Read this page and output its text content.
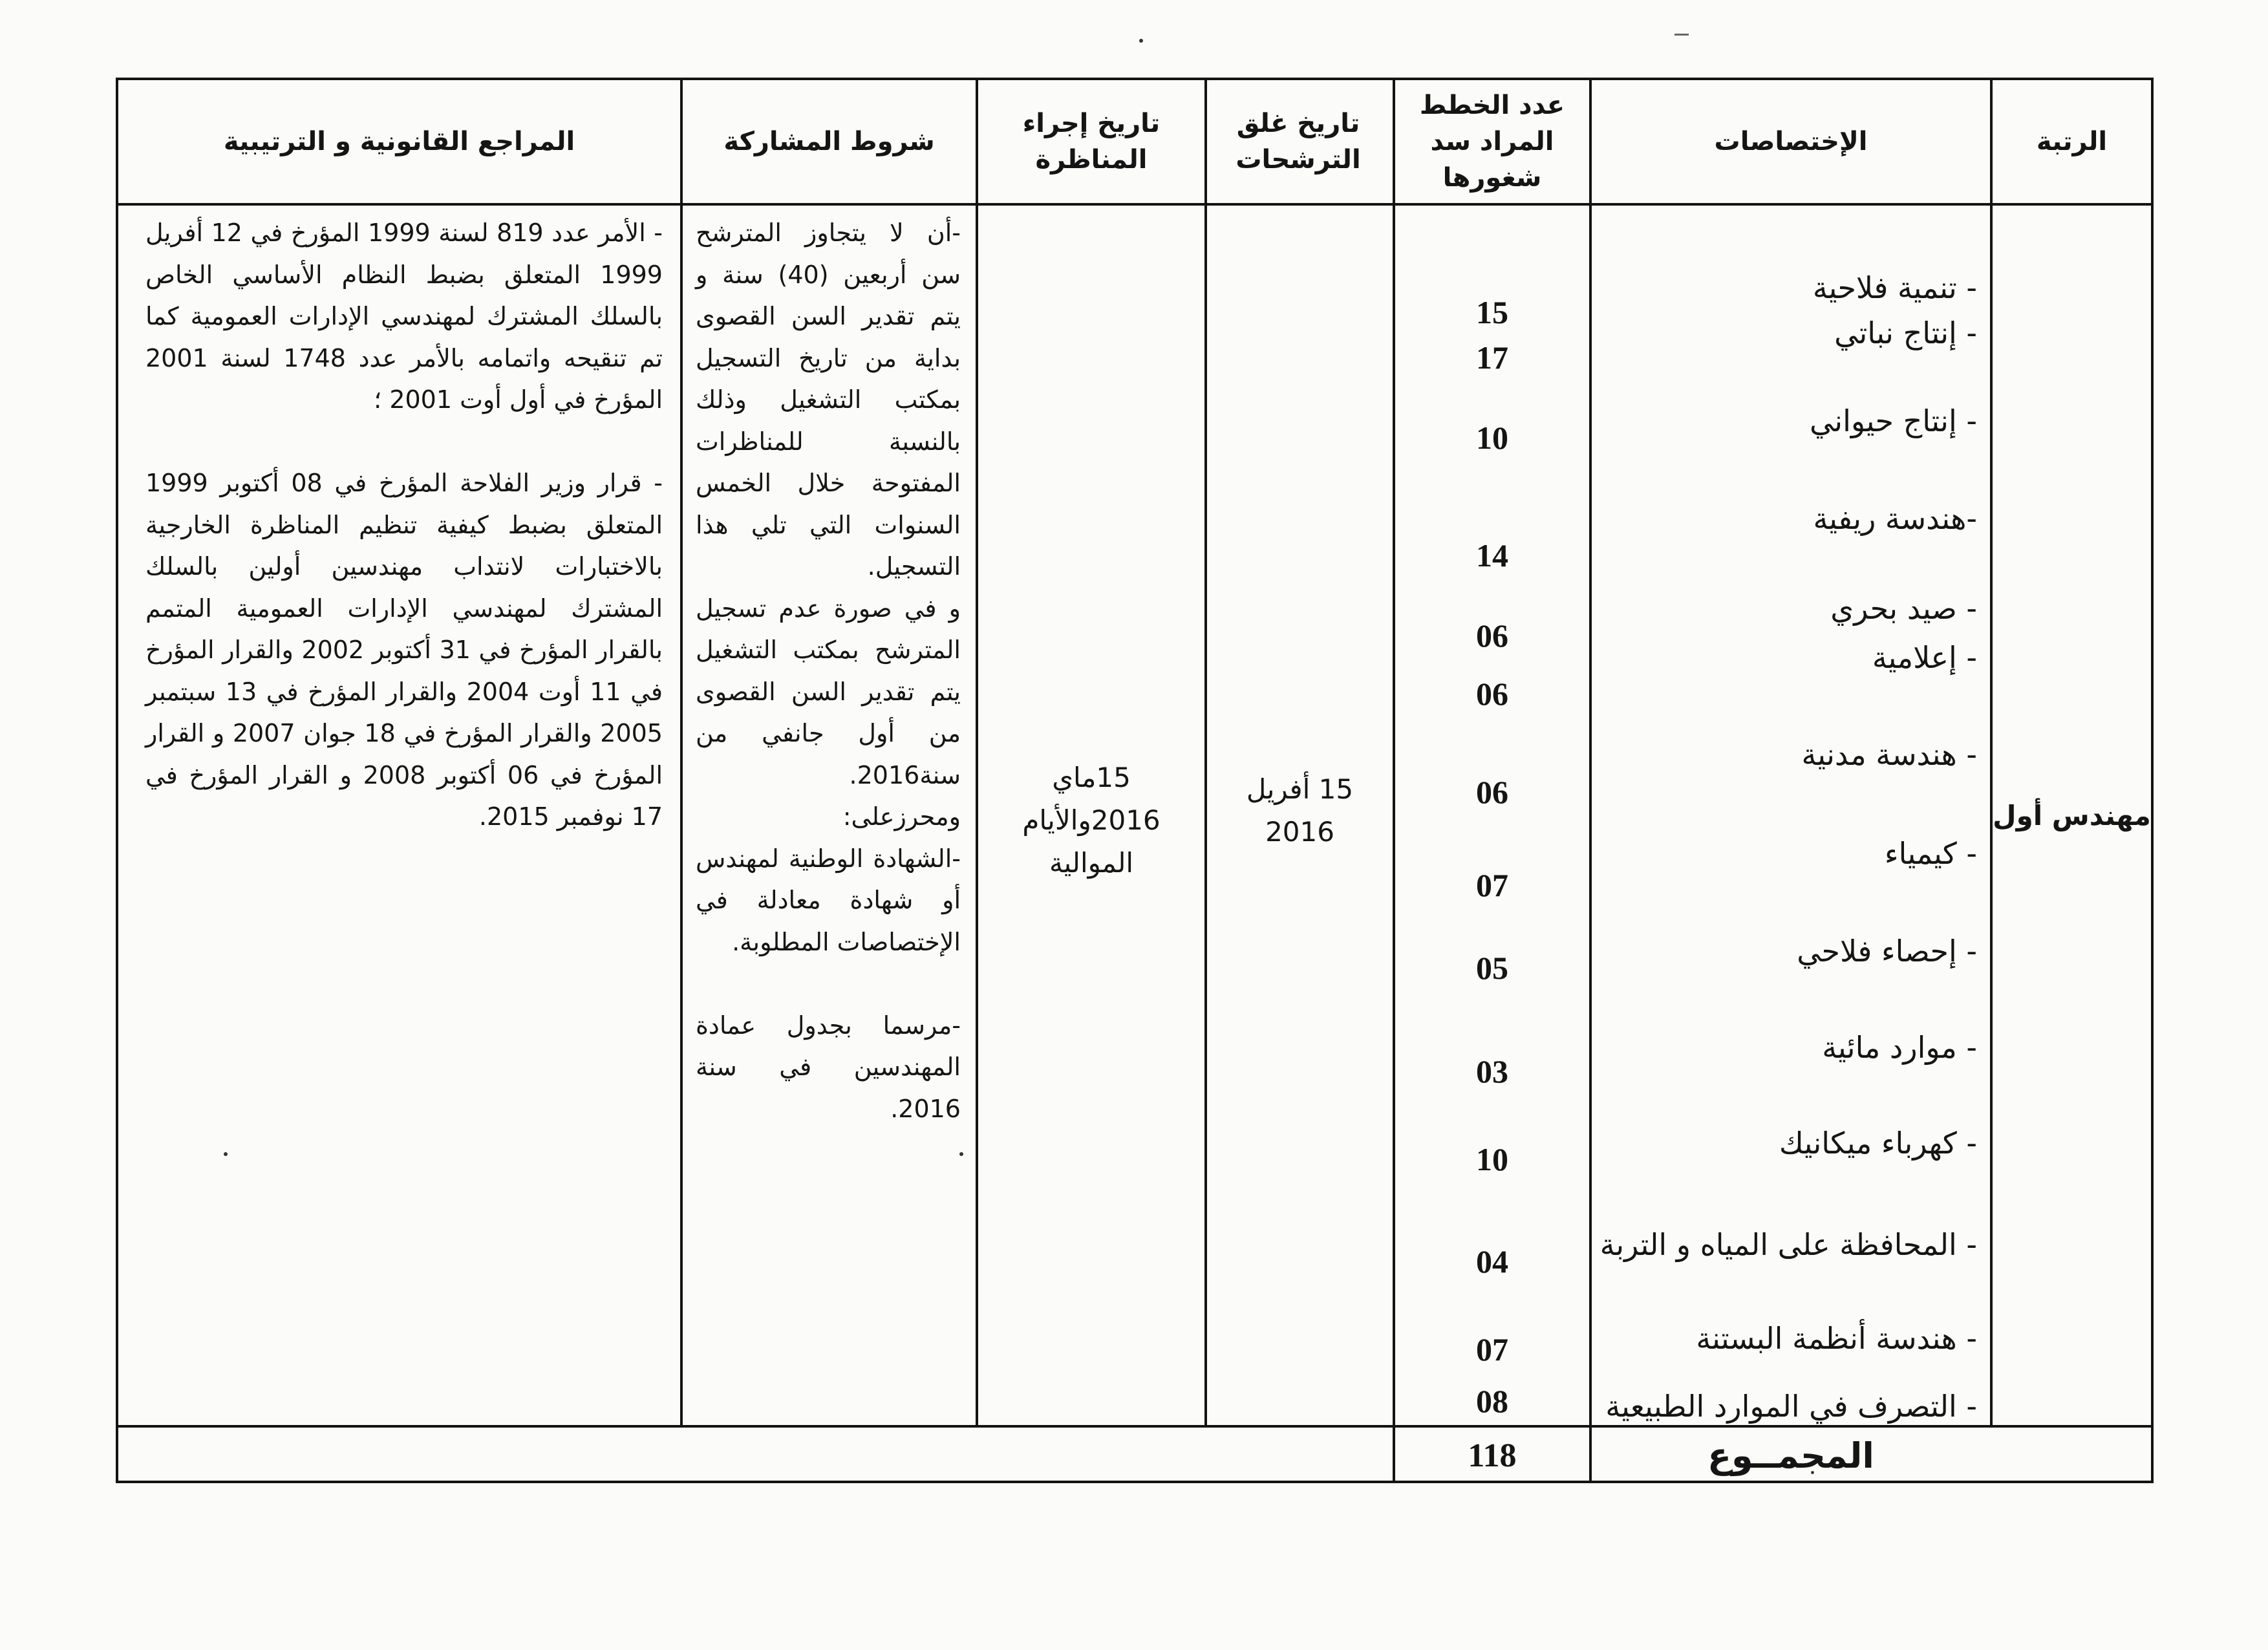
الرتبة
الإختصاصات
عدد الخطط المراد سد شغورها
تاريخ غلق الترشحات
تاريخ إجراء المناظرة
شروط المشاركة
المراجع القانونية و الترتيبية
مهندس أول
- تنمية فلاحية
- إنتاج نباتي
- إنتاج حيواني
-هندسة ريفية
- صيد بحري
- إعلامية
- هندسة مدنية
- كيمياء
- إحصاء فلاحي
- موارد مائية
- كهرباء ميكانيك
- المحافظة على المياه و التربة
- هندسة أنظمة البستنة
- التصرف في الموارد الطبيعية
15
17
10
14
06
06
06
07
05
03
10
04
07
08
15 أفريل
2016
15ماي
2016والأيام
الموالية
-أن لا يتجاوز المترشح سن أربعين (40) سنة و يتم تقدير السن القصوى بداية من تاريخ التسجيل بمكتب التشغيل وذلك بالنسبة للمناظرات المفتوحة خلال الخمس السنوات التي تلي هذا التسجيل.
و في صورة عدم تسجيل المترشح بمكتب التشغيل يتم تقدير السن القصوى من أول جانفي من سنة2016.
ومحرزعلى:
-الشهادة الوطنية لمهندس أو شهادة معادلة في الإختصاصات المطلوبة.

-مرسما بجدول عمادة المهندسين في سنة 2016.
- الأمر عدد 819 لسنة 1999 المؤرخ في 12 أفريل 1999 المتعلق بضبط النظام الأساسي الخاص بالسلك المشترك لمهندسي الإدارات العمومية كما تم تنقيحه واتمامه بالأمر عدد 1748 لسنة 2001 المؤرخ في أول أوت 2001 ؛

- قرار وزير الفلاحة المؤرخ في 08 أكتوبر 1999 المتعلق بضبط كيفية تنظيم المناظرة الخارجية بالاختبارات لانتداب مهندسين أولين بالسلك المشترك لمهندسي الإدارات العمومية المتمم بالقرار المؤرخ في 31 أكتوبر 2002 والقرار المؤرخ في 11 أوت 2004 والقرار المؤرخ في 13 سبتمبر 2005 والقرار المؤرخ في 18 جوان 2007 و القرار المؤرخ في 06 أكتوبر 2008 و القرار المؤرخ في 17 نوفمبر 2015.
المجمــوع
118
